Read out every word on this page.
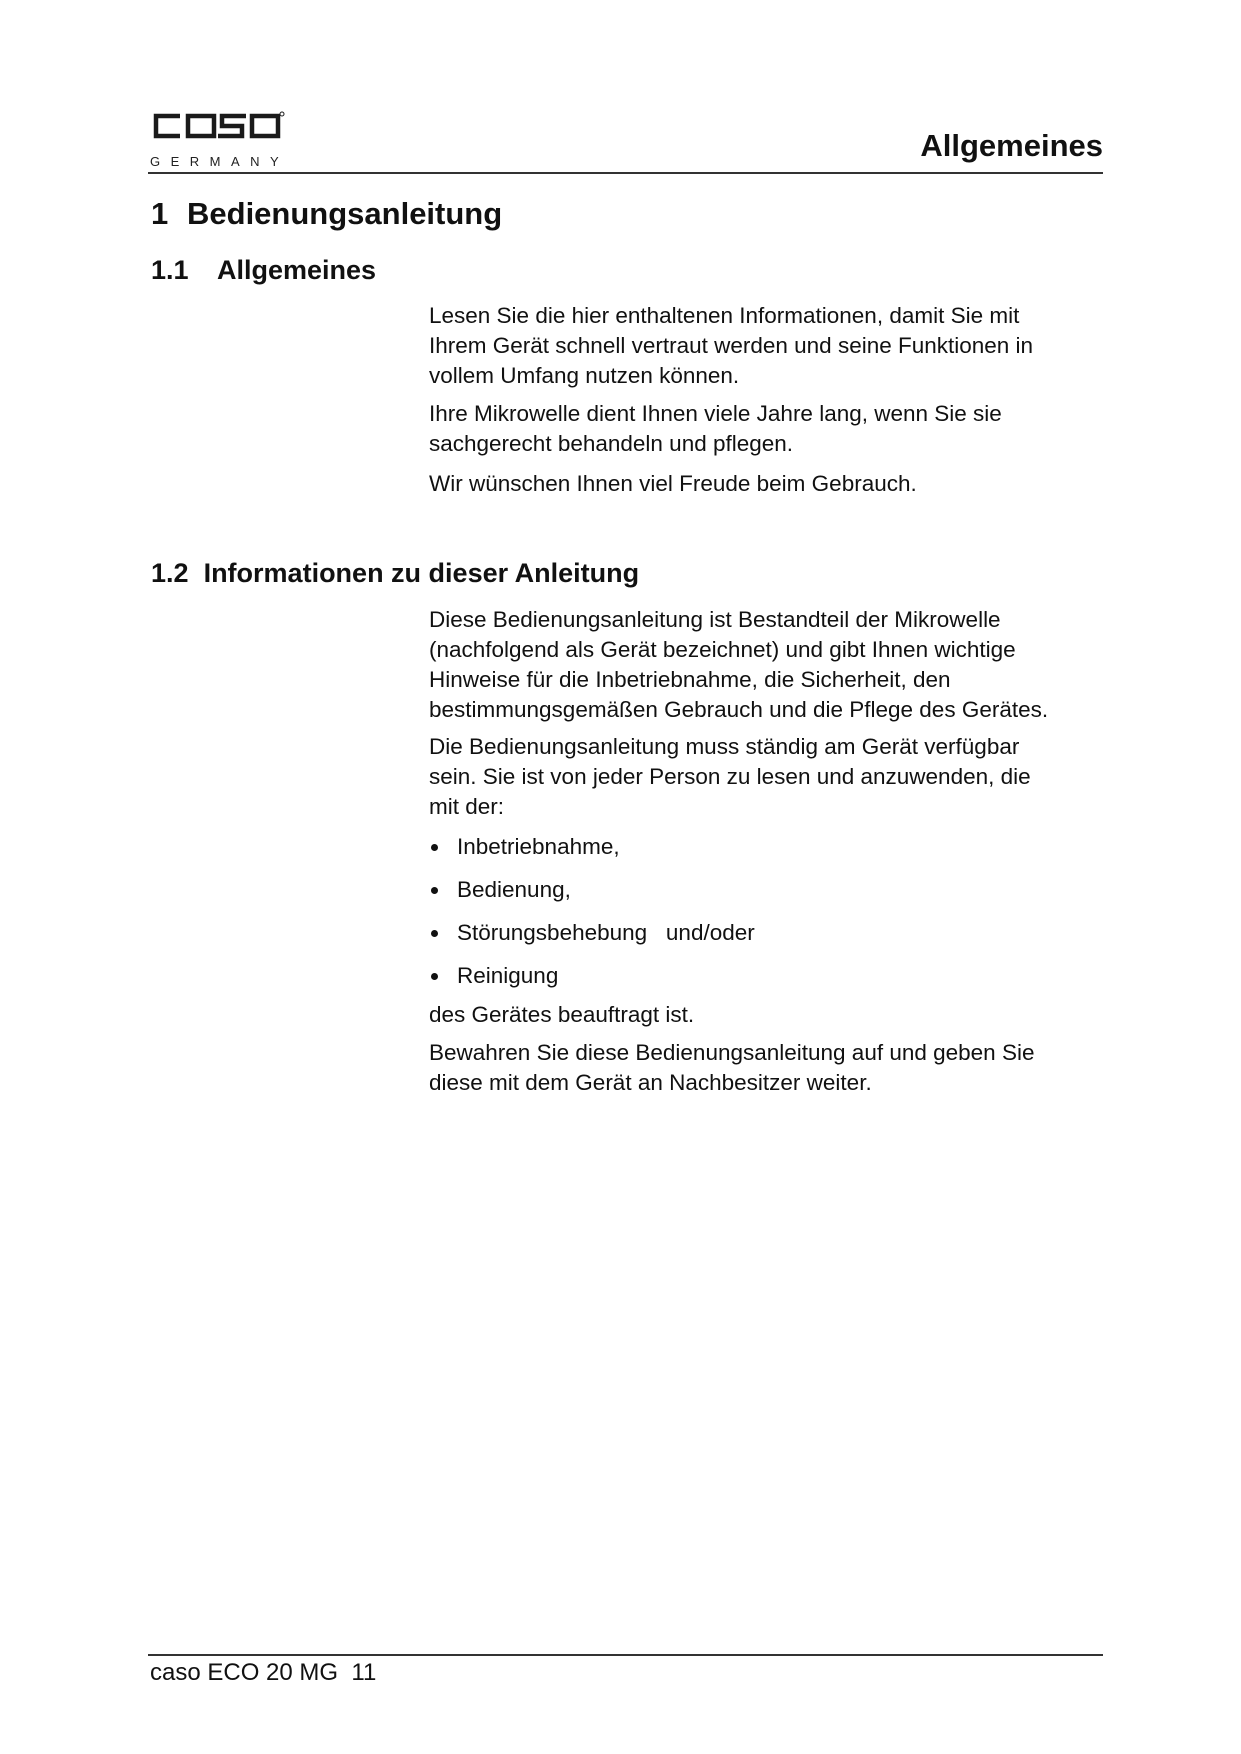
GERMANY	Allgemeines
1 Bedienungsanleitung
1.1 Allgemeines

Lesen Sie die hier enthaltenen Informationen, damit Sie mit

Ihrem Gerät schnell vertraut werden und seine Funktionen in

vollem Umfang nutzen können.

Ihre Mikrowelle dient Ihnen viele Jahre lang, wenn Sie sie

sachgerecht behandeln und pflegen.

Wir wünschen Ihnen viel Freude beim Gebrauch.

1.2 Informationen zu dieser Anleitung

Diese Bedienungsanleitung ist Bestandteil der Mikrowelle

(nachfolgend als Gerät bezeichnet) und gibt Ihnen wichtige

Hinweise für die Inbetriebnahme, die Sicherheit, den

bestimmungsgemäßen Gebrauch und die Pflege des Gerätes.

Die Bedienungsanleitung muss ständig am Gerät verfügbar

sein. Sie ist von jeder Person zu lesen und anzuwenden, die

mit der:

Inbetriebnahme,
Bedienung,
Störungsbehebung   und/oder
Reinigung

des Gerätes beauftragt ist.

Bewahren Sie diese Bedienungsanleitung auf und geben Sie

diese mit dem Gerät an Nachbesitzer weiter.

caso ECO 20 MG  11
